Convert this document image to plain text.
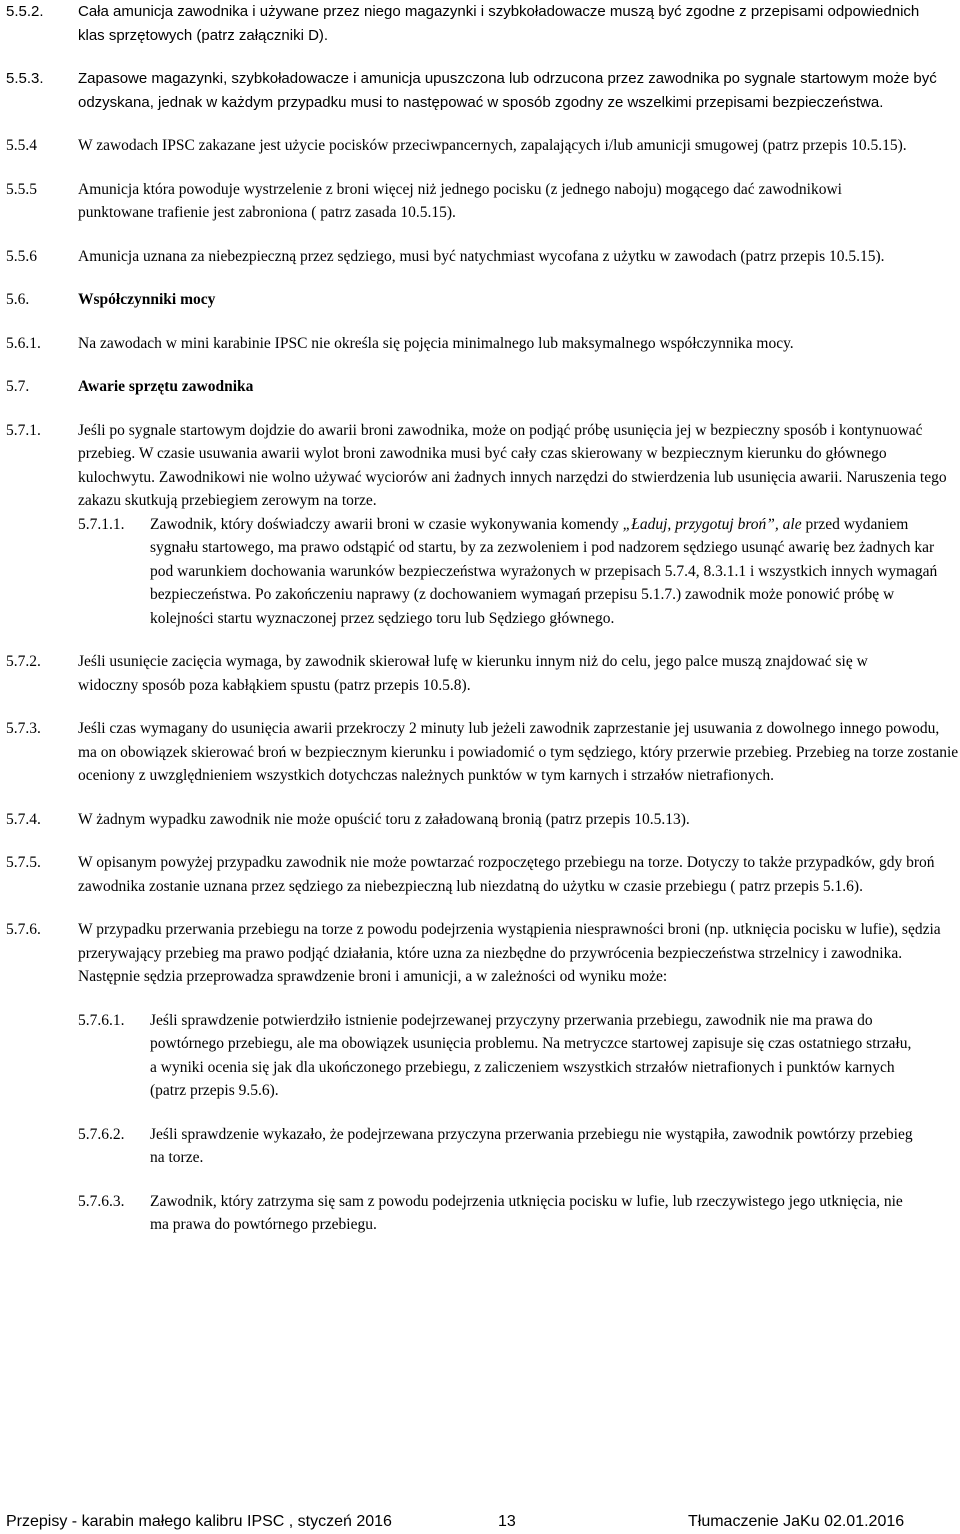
5.5.2. Cała amunicja zawodnika i używane przez niego magazynki i szybkoładowacze muszą być zgodne z przepisami odpowiednich klas sprzętowych (patrz załączniki D).
5.5.3. Zapasowe magazynki, szybkoładowacze i amunicja upuszczona lub odrzucona przez zawodnika po sygnale startowym może być odzyskana, jednak w każdym przypadku musi to następować w sposób zgodny ze wszelkimi przepisami bezpieczeństwa.
5.5.4	W zawodach IPSC zakazane jest użycie pocisków przeciwpancernych, zapalających i/lub amunicji smugowej (patrz przepis 10.5.15).
5.5.5	Amunicja która powoduje wystrzelenie z broni więcej niż jednego pocisku (z jednego naboju) mogącego dać zawodnikowi punktowane trafienie jest zabroniona ( patrz zasada 10.5.15).
5.5.6	Amunicja uznana za niebezpieczną przez sędziego, musi być natychmiast wycofana z użytku w zawodach (patrz przepis 10.5.15).
5.6.	Współczynniki mocy
5.6.1. Na zawodach w mini karabinie IPSC nie określa się pojęcia minimalnego lub maksymalnego współczynnika mocy.
5.7.	Awarie sprzętu zawodnika
5.7.1. Jeśli po sygnale startowym dojdzie do awarii broni zawodnika, może on podjąć próbę usunięcia jej w bezpieczny sposób i kontynuować przebieg. W czasie usuwania awarii wylot broni zawodnika musi być cały czas skierowany w bezpiecznym kierunku do głównego kulochwytu. Zawodnikowi nie wolno używać wyciorów ani żadnych innych narzędzi do stwierdzenia lub usunięcia awarii. Naruszenia tego zakazu skutkują przebiegiem zerowym na torze.
5.7.1.1. Zawodnik, który doświadczy awarii broni w czasie wykonywania komendy „Ładuj, przygotuj broń”, ale przed wydaniem sygnału startowego, ma prawo odstąpić od startu, by za zezwoleniem i pod nadzorem sędziego usunąć awarię bez żadnych kar pod warunkiem dochowania warunków bezpieczeństwa wyrażonych w przepisach 5.7.4, 8.3.1.1 i wszystkich innych wymagań bezpieczeństwa. Po zakończeniu naprawy (z dochowaniem wymagań przepisu 5.1.7.) zawodnik może ponowić próbę w kolejności startu wyznaczonej przez sędziego toru lub Sędziego głównego.
5.7.2. Jeśli usunięcie zacięcia wymaga, by zawodnik skierował lufę w kierunku innym niż do celu, jego palce muszą znajdować się w widoczny sposób poza kabłąkiem spustu (patrz przepis 10.5.8).
5.7.3. Jeśli czas wymagany do usunięcia awarii przekroczy 2 minuty lub jeżeli zawodnik zaprzestanie jej usuwania z dowolnego innego powodu, ma on obowiązek skierować broń w bezpiecznym kierunku i powiadomić o tym sędziego, który przerwie przebieg. Przebieg na torze zostanie oceniony z uwzględnieniem wszystkich dotychczas należnych punktów w tym karnych i strzałów nietrafionych.
5.7.4. W żadnym wypadku zawodnik nie może opuścić toru z załadowaną bronią (patrz przepis 10.5.13).
5.7.5. W opisanym powyżej przypadku zawodnik nie może powtarzać rozpoczętego przebiegu na torze. Dotyczy to także przypadków, gdy broń zawodnika zostanie uznana przez sędziego za niebezpieczną lub niezdatną do użytku w czasie przebiegu ( patrz przepis 5.1.6).
5.7.6. W przypadku przerwania przebiegu na torze z powodu podejrzenia wystąpienia niesprawności broni (np. utknięcia pocisku w lufie), sędzia przerywający przebieg ma prawo podjąć działania, które uzna za niezbędne do przywrócenia bezpieczeństwa strzelnicy i zawodnika. Następnie sędzia przeprowadza sprawdzenie broni i amunicji, a w zależności od wyniku może:
5.7.6.1. Jeśli sprawdzenie potwierdziło istnienie podejrzewanej przyczyny przerwania przebiegu, zawodnik nie ma prawa do powtórnego przebiegu, ale ma obowiązek usunięcia problemu. Na metryczce startowej zapisuje się czas ostatniego strzału, a wyniki ocenia się jak dla ukończonego przebiegu, z zaliczeniem wszystkich strzałów nietrafionych i punktów karnych (patrz przepis 9.5.6).
5.7.6.2. Jeśli sprawdzenie wykazało, że podejrzewana przyczyna przerwania przebiegu nie wystąpiła, zawodnik powtórzy przebieg na torze.
5.7.6.3. Zawodnik, który zatrzyma się sam z powodu podejrzenia utknięcia pocisku w lufie, lub rzeczywistego jego utknięcia, nie ma prawa do powtórnego przebiegu.
Przepisy - karabin małego kalibru IPSC , styczeń 2016	13	Tłumaczenie JaKu 02.01.2016
